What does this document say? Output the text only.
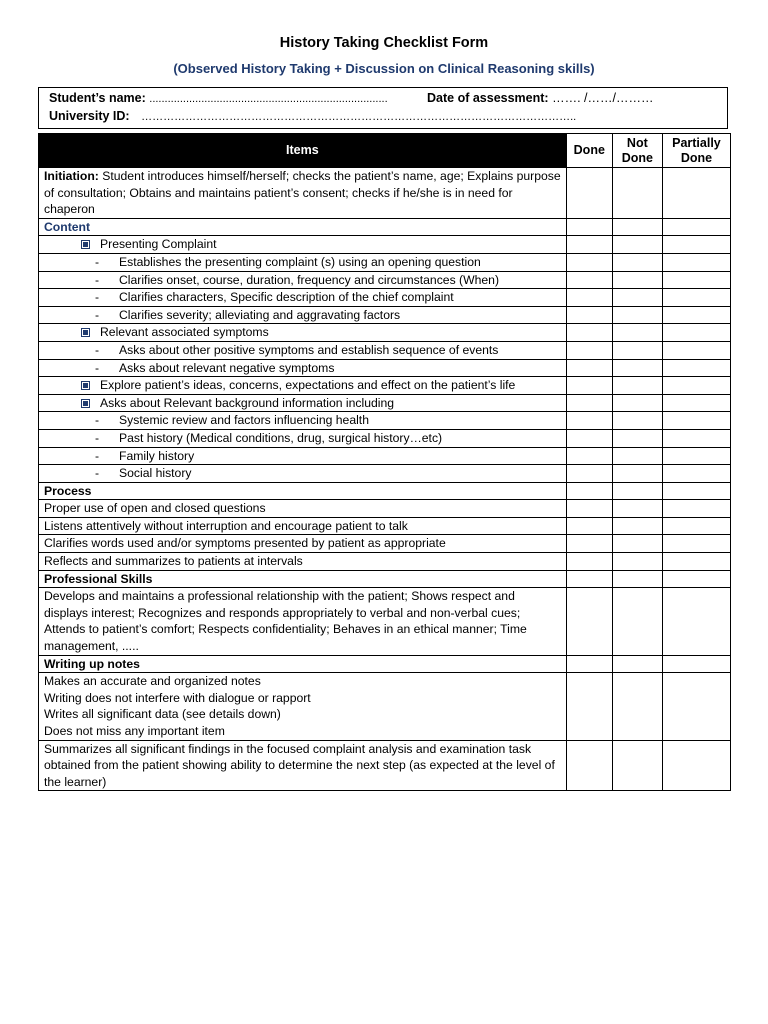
History Taking Checklist Form
(Observed History Taking + Discussion on Clinical Reasoning skills)
Student’s name: ..............................................................................	Date of assessment: ……. /……/………
University ID: ………………………………………………………………………………………………………..
Items	Done	Not Done	Partially Done
Initiation: Student introduces himself/herself; checks the patient’s name, age; Explains purpose of consultation; Obtains and maintains patient’s consent; checks if he/she is in need for chaperon			
Content			
Presenting Complaint			
- Establishes the presenting complaint (s) using an opening question			
- Clarifies onset, course, duration, frequency and circumstances (When)			
- Clarifies characters, Specific description of the chief complaint			
- Clarifies severity; alleviating and aggravating factors			
Relevant associated symptoms			
- Asks about other positive symptoms and establish sequence of events			
- Asks about relevant negative symptoms			
Explore patient’s ideas, concerns, expectations and effect on the patient’s life			
Asks about Relevant background information including			
- Systemic review and factors influencing health			
- Past history (Medical conditions, drug, surgical history…etc)			
- Family history			
- Social history			
Process			
Proper use of open and closed questions			
Listens attentively without interruption and encourage patient to talk			
Clarifies words used and/or symptoms presented by patient as appropriate			
Reflects and summarizes to patients at intervals			
Professional Skills			
Develops and maintains a professional relationship with the patient; Shows respect and displays interest; Recognizes and responds appropriately to verbal and non-verbal cues; Attends to patient’s comfort; Respects confidentiality; Behaves in an ethical manner; Time management, .....			
Writing up notes			

Makes an accurate and organized notes
Writing does not interfere with dialogue or rapport
Writes all significant data (see details down)
Does not miss any important item			

Summarizes all significant findings in the focused complaint analysis and examination task obtained from the patient showing ability to determine the next step (as expected at the level of the learner)			
